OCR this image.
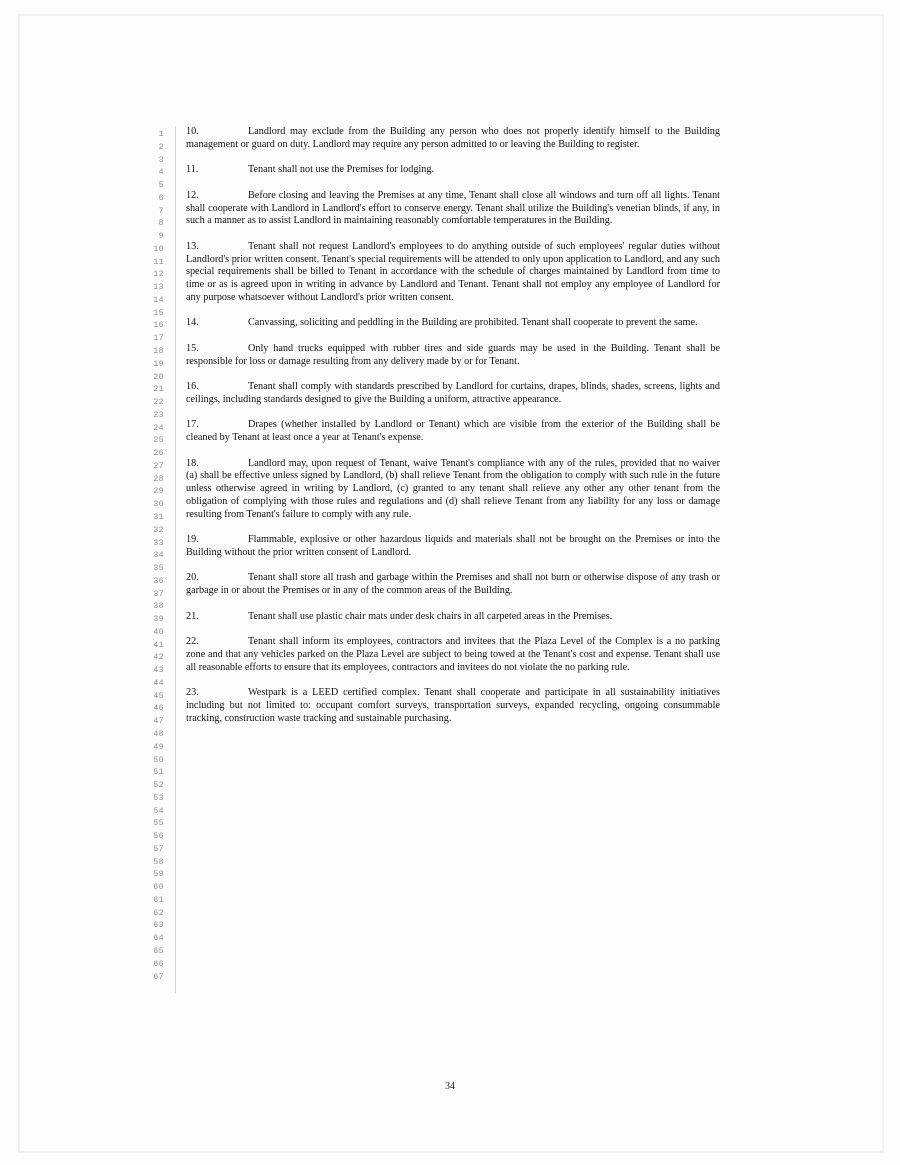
1
2
3
4
5
6
7
8
9
10
11
12
13
14
15
16
17
18
19
20
21
22
23
24
25
26
27
28
29
30
31
32
33
34
35
36
37
38
39
40
41
42
43
44
45
46
47
48
49
50
51
52
53
54
55
56
57
58
59
60
61
62
63
64
65
66
67

10.	Landlord may exclude from the Building any person who does not properly identify himself to the Building management or guard on duty. Landlord may require any person admitted to or leaving the Building to register.

11.	Tenant shall not use the Premises for lodging.

12.	Before closing and leaving the Premises at any time, Tenant shall close all windows and turn off all lights. Tenant shall cooperate with Landlord in Landlord's effort to conserve energy. Tenant shall utilize the Building's venetian blinds, if any, in such a manner as to assist Landlord in maintaining reasonably comfortable temperatures in the Building.

13.	Tenant shall not request Landlord's employees to do anything outside of such employees' regular duties without Landlord's prior written consent. Tenant's special requirements will be attended to only upon application to Landlord, and any such special requirements shall be billed to Tenant in accordance with the schedule of charges maintained by Landlord from time to time or as is agreed upon in writing in advance by Landlord and Tenant. Tenant shall not employ any employee of Landlord for any purpose whatsoever without Landlord's prior written consent.

14.	Canvassing, soliciting and peddling in the Building are prohibited. Tenant shall cooperate to prevent the same.

15.	Only hand trucks equipped with rubber tires and side guards may be used in the Building. Tenant shall be responsible for loss or damage resulting from any delivery made by or for Tenant.

16.	Tenant shall comply with standards prescribed by Landlord for curtains, drapes, blinds, shades, screens, lights and ceilings, including standards designed to give the Building a uniform, attractive appearance.

17.	Drapes (whether installed by Landlord or Tenant) which are visible from the exterior of the Building shall be cleaned by Tenant at least once a year at Tenant's expense.

18.	Landlord may, upon request of Tenant, waive Tenant's compliance with any of the rules, provided that no waiver (a) shall be effective unless signed by Landlord, (b) shall relieve Tenant from the obligation to comply with such rule in the future unless otherwise agreed in writing by Landlord, (c) granted to any tenant shall relieve any other any other tenant from the obligation of complying with those rules and regulations and (d) shall relieve Tenant from any liability for any loss or damage resulting from Tenant's failure to comply with any rule.

19.	Flammable, explosive or other hazardous liquids and materials shall not be brought on the Premises or into the Building without the prior written consent of Landlord.

20.	Tenant shall store all trash and garbage within the Premises and shall not burn or otherwise dispose of any trash or garbage in or about the Premises or in any of the common areas of the Building.

21.	Tenant shall use plastic chair mats under desk chairs in all carpeted areas in the Premises.

22.	Tenant shall inform its employees, contractors and invitees that the Plaza Level of the Complex is a no parking zone and that any vehicles parked on the Plaza Level are subject to being towed at the Tenant's cost and expense. Tenant shall use all reasonable efforts to ensure that its employees, contractors and invitees do not violate the no parking rule.

23.	Westpark is a LEED certified complex. Tenant shall cooperate and participate in all sustainability initiatives including but not limited to: occupant comfort surveys, transportation surveys, expanded recycling, ongoing consummable tracking, construction waste tracking and sustainable purchasing.

34
